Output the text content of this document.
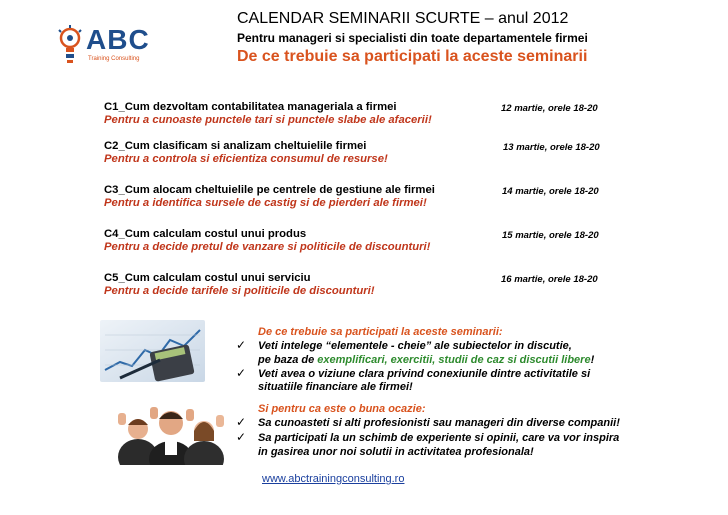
ABC
Training Consulting
CALENDAR SEMINARII SCURTE – anul 2012
Pentru manageri si specialisti din toate departamentele firmei
De ce trebuie sa participati la aceste seminarii
C1_Cum dezvoltam contabilitatea manageriala a firmei
Pentru a cunoaste punctele tari si punctele slabe ale afacerii!
12 martie, orele 18-20
C2_Cum clasificam si analizam cheltuielile firmei
Pentru a controla si eficientiza consumul de resurse!
13 martie, orele 18-20
C3_Cum alocam cheltuielile pe centrele de gestiune ale firmei
Pentru a identifica sursele de castig si de pierderi ale firmei!
14 martie, orele 18-20
C4_Cum calculam costul unui produs
Pentru a decide pretul de vanzare si politicile de discounturi!
15 martie, orele 18-20
C5_Cum calculam costul unui serviciu
Pentru a decide tarifele si politicile de discounturi!
16 martie, orele 18-20
De ce trebuie sa participati la aceste seminarii:
✓ Veti intelege “elementele - cheie” ale subiectelor in discutie,
pe baza de exemplificari, exercitii, studii de caz si discutii libere!
✓ Veti avea o viziune clara privind conexiunile dintre activitatile si
situatiile financiare ale firmei!
Si pentru ca este o buna ocazie:
✓ Sa cunoasteti si alti profesionisti sau manageri din diverse companii!
✓ Sa participati la un schimb de experiente si opinii, care va vor inspira
in gasirea unor noi solutii in activitatea profesionala!
www.abctrainingconsulting.ro
